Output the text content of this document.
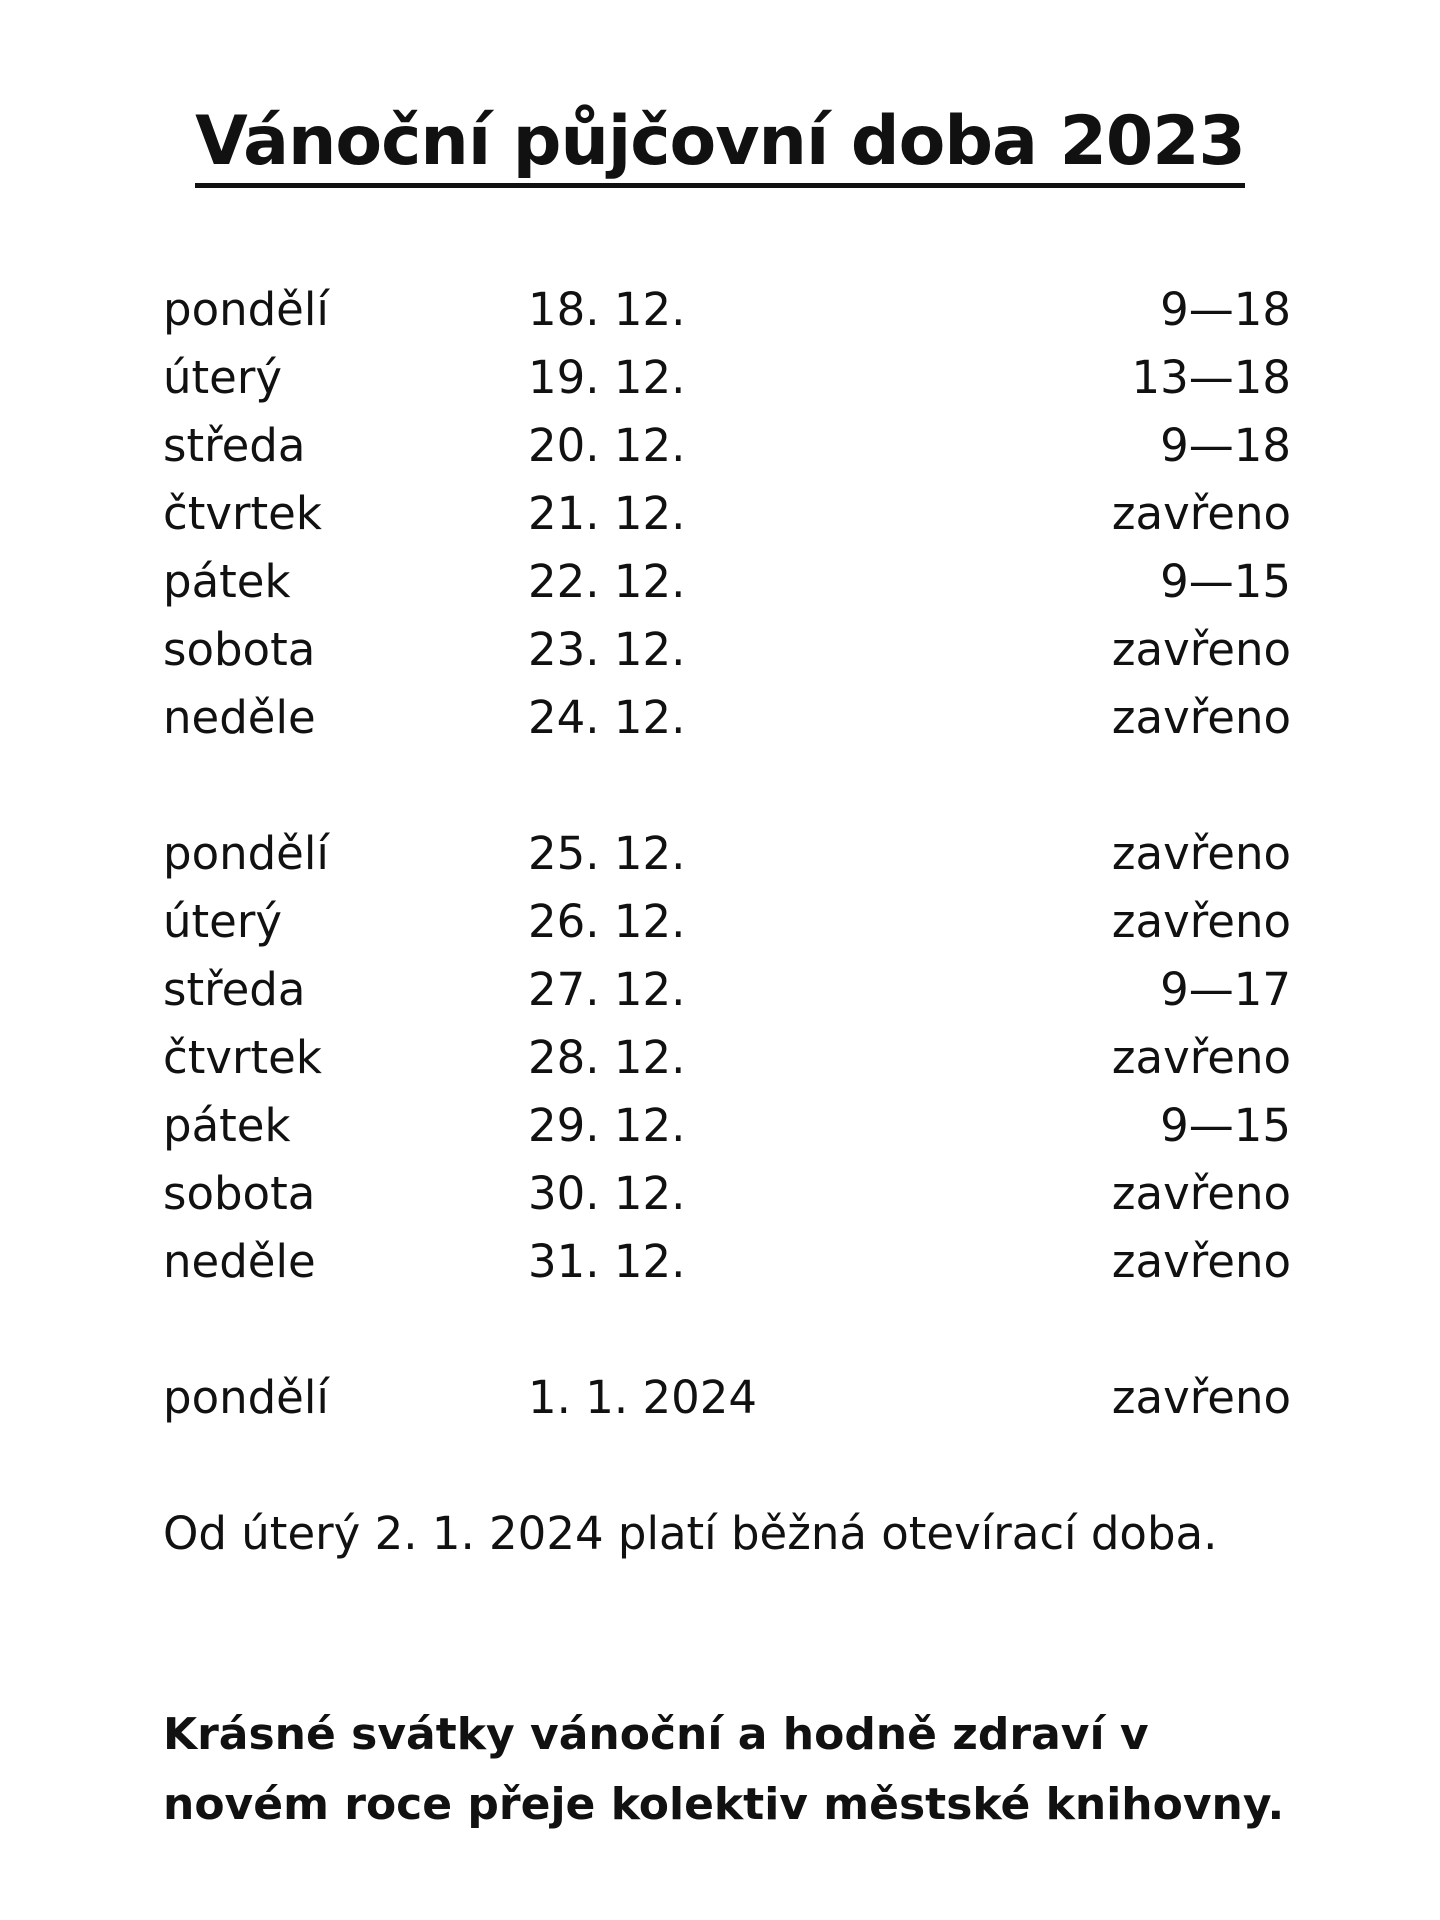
Vánoční půjčovní doba 2023
pondělí	18. 12.	9—18
úterý	19. 12.	13—18
středa	20. 12.	9—18
čtvrtek	21. 12.	zavřeno
pátek	22. 12.	9—15
sobota	23. 12.	zavřeno
neděle	24. 12.	zavřeno
pondělí	25. 12.	zavřeno
úterý	26. 12.	zavřeno
středa	27. 12.	9—17
čtvrtek	28. 12.	zavřeno
pátek	29. 12.	9—15
sobota	30. 12.	zavřeno
neděle	31. 12.	zavřeno
pondělí	1. 1. 2024	zavřeno

Od úterý 2. 1. 2024 platí běžná otevírací doba.

Krásné svátky vánoční a hodně zdraví v novém roce přeje kolektiv městské knihovny.
